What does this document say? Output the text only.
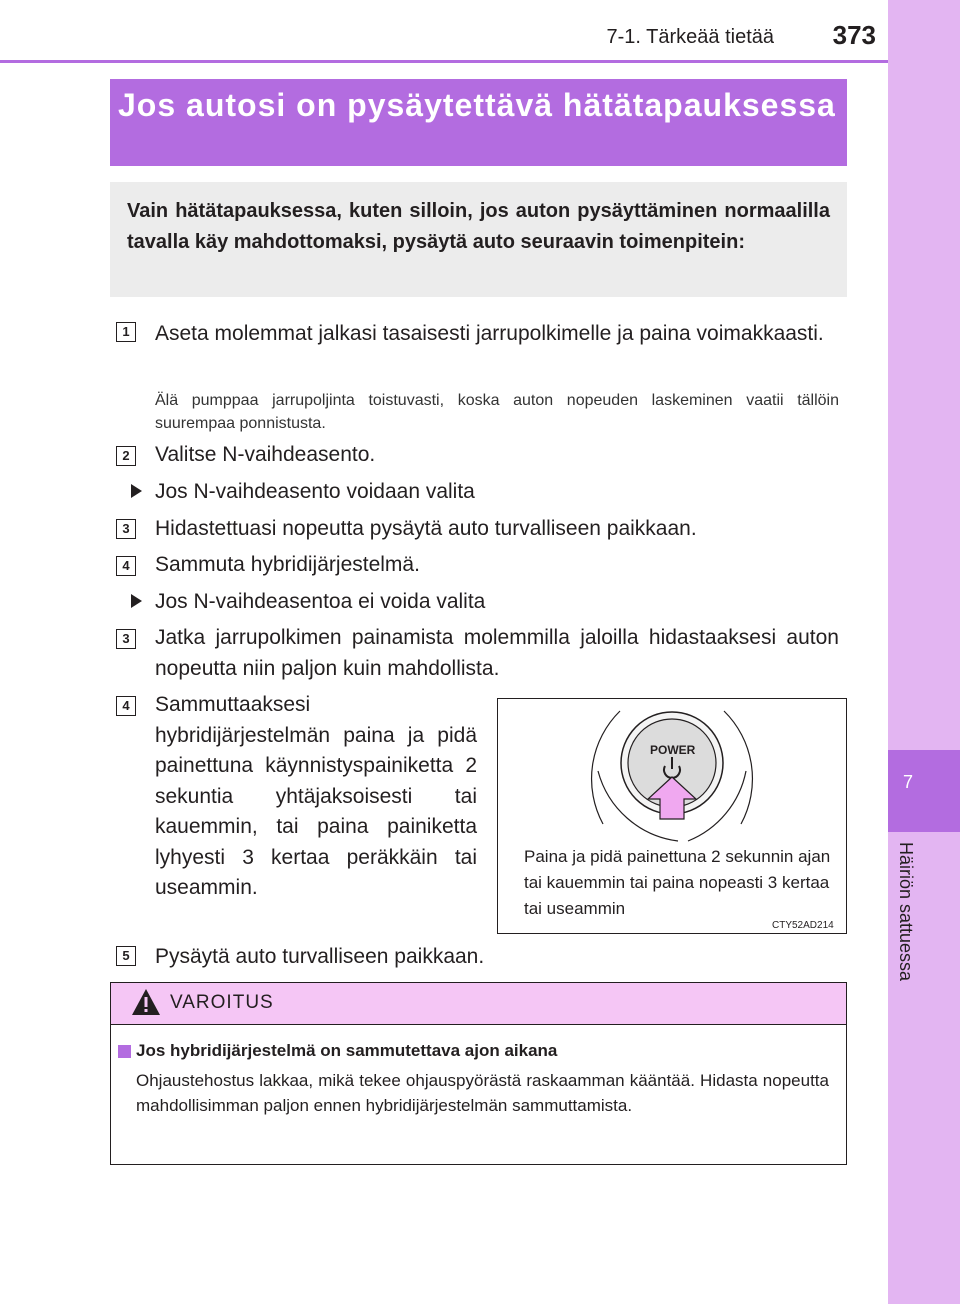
7-1. Tärkeää tietää 373
7
Häiriön sattuessa
Jos autosi on pysäytettävä hätätapauksessa
Vain hätätapauksessa, kuten silloin, jos auton pysäyttäminen normaalilla tavalla käy mahdottomaksi, pysäytä auto seuraavin toimenpitein:
1	Aseta molemmat jalkasi tasaisesti jarrupolkimelle ja paina voimakkaasti.
Älä pumppaa jarrupoljinta toistuvasti, koska auton nopeuden laskeminen vaatii tällöin suurempaa ponnistusta.
2	Valitse N-vaihdeasento.
Jos N-vaihdeasento voidaan valita
3	Hidastettuasi nopeutta pysäytä auto turvalliseen paikkaan.
4	Sammuta hybridijärjestelmä.
Jos N-vaihdeasentoa ei voida valita
3	Jatka jarrupolkimen painamista molemmilla jaloilla hidastaaksesi auton nopeutta niin paljon kuin mahdollista.
4	Sammuttaaksesi hybridijärjestelmän paina ja pidä painettuna käynnistyspainiketta 2 sekuntia yhtäjaksoisesti tai kauemmin, tai paina painiketta lyhyesti 3 kertaa peräkkäin tai useammin.
POWER
Paina ja pidä painettuna 2 sekunnin ajan tai kauemmin tai paina nopeasti 3 kertaa tai useammin
CTY52AD214
5	Pysäytä auto turvalliseen paikkaan.
VAROITUS
Jos hybridijärjestelmä on sammutettava ajon aikana
Ohjaustehostus lakkaa, mikä tekee ohjauspyörästä raskaamman kääntää. Hidasta nopeutta mahdollisimman paljon ennen hybridijärjestelmän sammuttamista.
